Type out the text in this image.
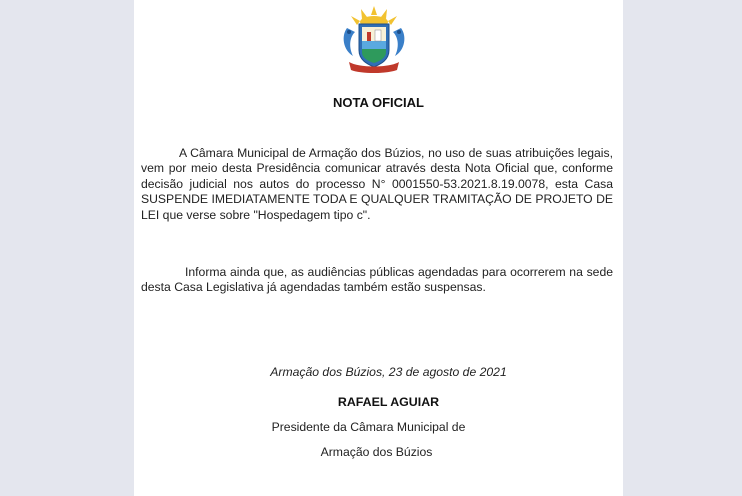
NOTA OFICIAL
A Câmara Municipal de Armação dos Búzios, no uso de suas atribuições legais, vem por meio desta Presidência comunicar através desta Nota Oficial que, conforme decisão judicial nos autos do processo N° 0001550-53.2021.8.19.0078, esta Casa SUSPENDE IMEDIATAMENTE TODA E QUALQUER TRAMITAÇÃO DE PROJETO DE LEI que verse sobre "Hospedagem tipo c".
Informa ainda que, as audiências públicas agendadas para ocorrerem na sede desta Casa Legislativa já agendadas também estão suspensas.
Armação dos Búzios, 23 de agosto de 2021
RAFAEL AGUIAR
Presidente da Câmara Municipal de
Armação dos Búzios
